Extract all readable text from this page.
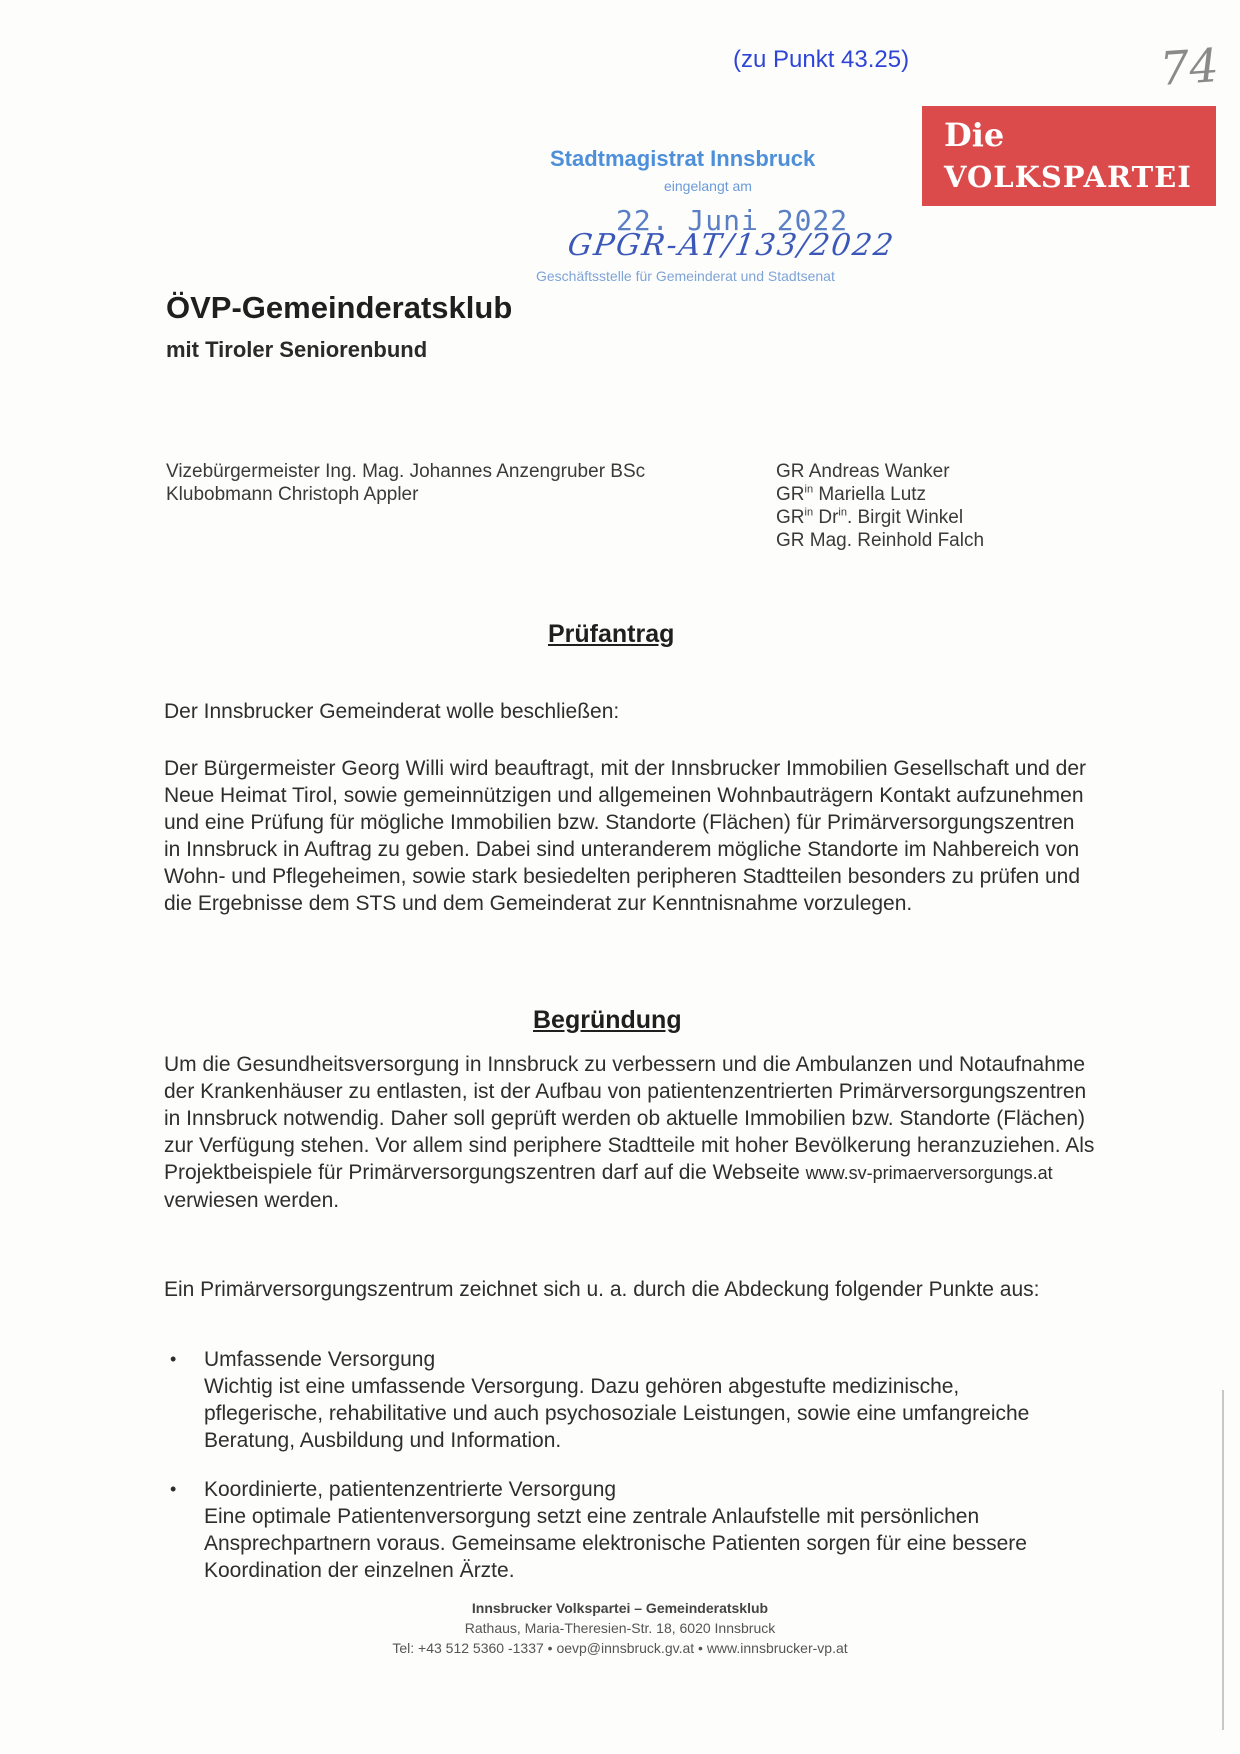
(zu Punkt 43.25)	74
Die
VOLKSPARTEI
Stadtmagistrat Innsbruck
eingelangt am
22. Juni 2022
GPGR-AT/133/2022
Geschäftsstelle für Gemeinderat und Stadtsenat
ÖVP-Gemeinderatsklub
mit Tiroler Seniorenbund
Vizebürgermeister Ing. Mag. Johannes Anzengruber BSc
Klubobmann Christoph Appler
GR Andreas Wanker
$GR^{in}$ Mariella Lutz
$GR^{in}$ $Dr^{in}$. Birgit Winkel
GR Mag. Reinhold Falch
Prüfantrag
Der Innsbrucker Gemeinderat wolle beschließen:
Der Bürgermeister Georg Willi wird beauftragt, mit der Innsbrucker Immobilien Gesellschaft und der Neue Heimat Tirol, sowie gemeinnützigen und allgemeinen Wohnbauträgern Kontakt aufzunehmen und eine Prüfung für mögliche Immobilien bzw. Standorte (Flächen) für Primärversorgungszentren in Innsbruck in Auftrag zu geben. Dabei sind unteranderem mögliche Standorte im Nahbereich von Wohn- und Pflegeheimen, sowie stark besiedelten peripheren Stadtteilen besonders zu prüfen und die Ergebnisse dem STS und dem Gemeinderat zur Kenntnisnahme vorzulegen.
Begründung
Um die Gesundheitsversorgung in Innsbruck zu verbessern und die Ambulanzen und Notaufnahme der Krankenhäuser zu entlasten, ist der Aufbau von patientenzentrierten Primärversorgungszentren in Innsbruck notwendig. Daher soll geprüft werden ob aktuelle Immobilien bzw. Standorte (Flächen) zur Verfügung stehen. Vor allem sind periphere Stadtteile mit hoher Bevölkerung heranzuziehen. Als Projektbeispiele für Primärversorgungszentren darf auf die Webseite www.sv-primaerversorgungs.at verwiesen werden.
Ein Primärversorgungszentrum zeichnet sich u. a. durch die Abdeckung folgender Punkte aus:
• Umfassende Versorgung
Wichtig ist eine umfassende Versorgung. Dazu gehören abgestufte medizinische, pflegerische, rehabilitative und auch psychosoziale Leistungen, sowie eine umfangreiche Beratung, Ausbildung und Information.
• Koordinierte, patientenzentrierte Versorgung
Eine optimale Patientenversorgung setzt eine zentrale Anlaufstelle mit persönlichen Ansprechpartnern voraus. Gemeinsame elektronische Patienten sorgen für eine bessere Koordination der einzelnen Ärzte.
Innsbrucker Volkspartei – Gemeinderatsklub
Rathaus, Maria-Theresien-Str. 18, 6020 Innsbruck
Tel: +43 512 5360 -1337 • oevp@innsbruck.gv.at • www.innsbrucker-vp.at
